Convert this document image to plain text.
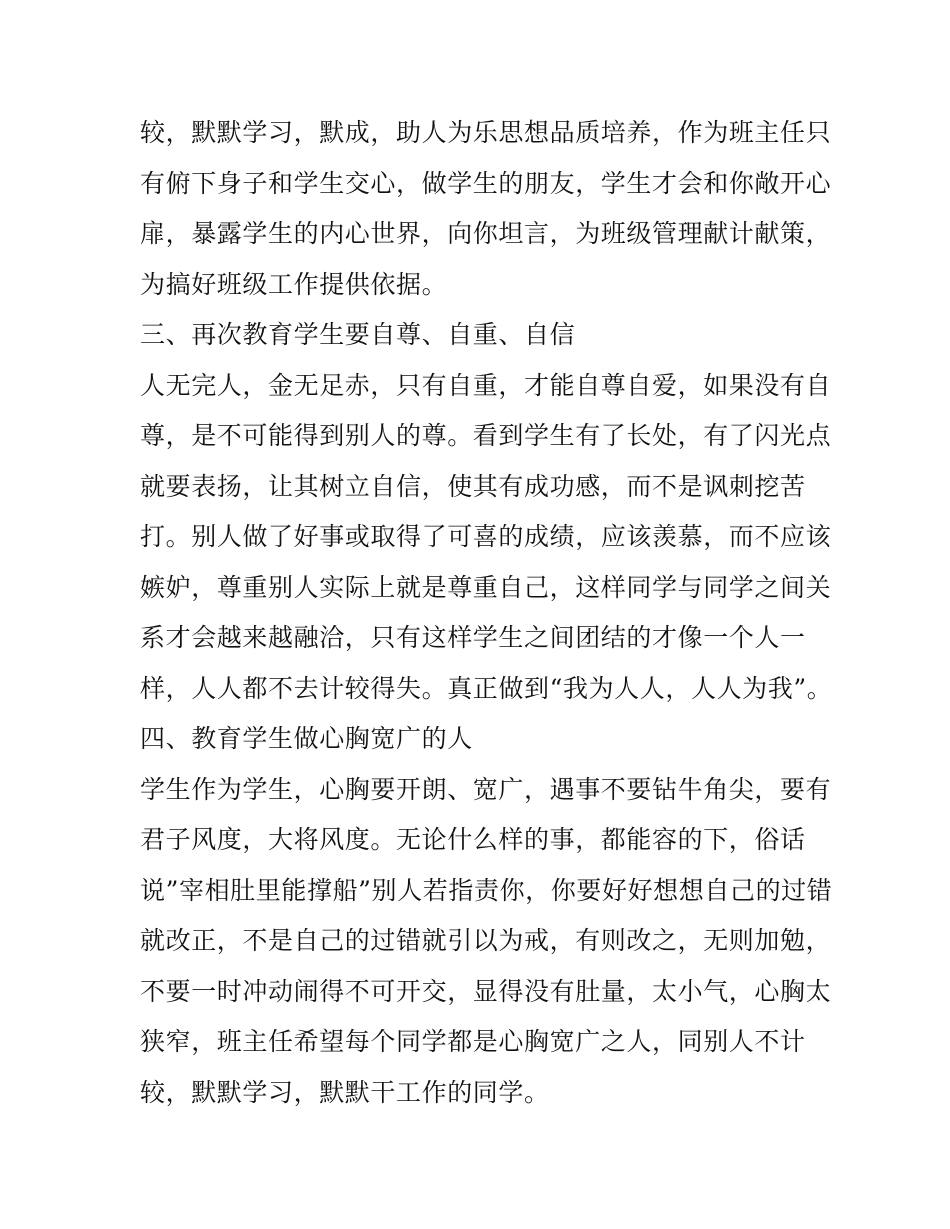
较，默默学习，默成，助人为乐思想品质培养，作为班主任只
有俯下身子和学生交心，做学生的朋友，学生才会和你敞开心
扉，暴露学生的内心世界，向你坦言，为班级管理献计献策，
为搞好班级工作提供依据。
三、再次教育学生要自尊、自重、自信
人无完人，金无足赤，只有自重，才能自尊自爱，如果没有自
尊，是不可能得到别人的尊。看到学生有了长处，有了闪光点
就要表扬，让其树立自信，使其有成功感，而不是讽刺挖苦
打。别人做了好事或取得了可喜的成绩，应该羡慕，而不应该
嫉妒，尊重别人实际上就是尊重自己，这样同学与同学之间关
系才会越来越融洽，只有这样学生之间团结的才像一个人一
样，人人都不去计较得失。真正做到“我为人人，人人为我”。
四、教育学生做心胸宽广的人
学生作为学生，心胸要开朗、宽广，遇事不要钻牛角尖，要有
君子风度，大将风度。无论什么样的事，都能容的下，俗话
说”宰相肚里能撑船”别人若指责你，你要好好想想自己的过错
就改正，不是自己的过错就引以为戒，有则改之，无则加勉，
不要一时冲动闹得不可开交，显得没有肚量，太小气，心胸太
狭窄，班主任希望每个同学都是心胸宽广之人，同别人不计
较，默默学习，默默干工作的同学。
